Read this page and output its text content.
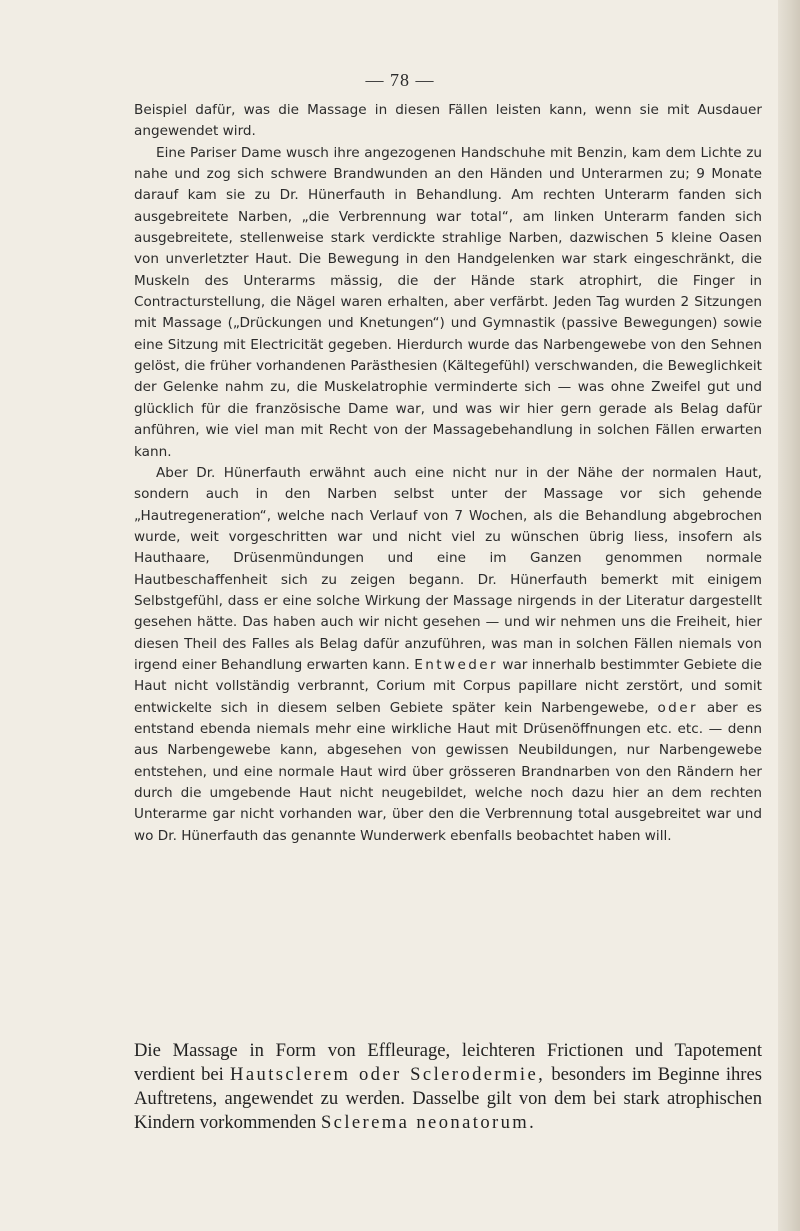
— 78 —

Beispiel dafür, was die Massage in diesen Fällen leisten kann, wenn sie mit Ausdauer angewendet wird.

Eine Pariser Dame wusch ihre angezogenen Handschuhe mit Benzin, kam dem Lichte zu nahe und zog sich schwere Brandwunden an den Händen und Unterarmen zu; 9 Monate darauf kam sie zu Dr. Hünerfauth in Behandlung. Am rechten Unterarm fanden sich ausgebreitete Narben, „die Verbrennung war total“, am linken Unterarm fanden sich ausgebreitete, stellenweise stark verdickte strahlige Narben, dazwischen 5 kleine Oasen von unverletzter Haut. Die Bewegung in den Handgelenken war stark eingeschränkt, die Muskeln des Unterarms mässig, die der Hände stark atrophirt, die Finger in Contracturstellung, die Nägel waren erhalten, aber verfärbt. Jeden Tag wurden 2 Sitzungen mit Massage („Drückungen und Knetungen“) und Gymnastik (passive Bewegungen) sowie eine Sitzung mit Electricität gegeben. Hierdurch wurde das Narbengewebe von den Sehnen gelöst, die früher vorhandenen Parästhesien (Kältegefühl) verschwanden, die Beweglichkeit der Gelenke nahm zu, die Muskelatrophie verminderte sich — was ohne Zweifel gut und glücklich für die französische Dame war, und was wir hier gern gerade als Belag dafür anführen, wie viel man mit Recht von der Massagebehandlung in solchen Fällen erwarten kann.

Aber Dr. Hünerfauth erwähnt auch eine nicht nur in der Nähe der normalen Haut, sondern auch in den Narben selbst unter der Massage vor sich gehende „Hautregeneration“, welche nach Verlauf von 7 Wochen, als die Behandlung abgebrochen wurde, weit vorgeschritten war und nicht viel zu wünschen übrig liess, insofern als Hauthaare, Drüsenmündungen und eine im Ganzen genommen normale Hautbeschaffenheit sich zu zeigen begann. Dr. Hünerfauth bemerkt mit einigem Selbstgefühl, dass er eine solche Wirkung der Massage nirgends in der Literatur dargestellt gesehen hätte. Das haben auch wir nicht gesehen — und wir nehmen uns die Freiheit, hier diesen Theil des Falles als Belag dafür anzuführen, was man in solchen Fällen niemals von irgend einer Behandlung erwarten kann. Entweder war innerhalb bestimmter Gebiete die Haut nicht vollständig verbrannt, Corium mit Corpus papillare nicht zerstört, und somit entwickelte sich in diesem selben Gebiete später kein Narbengewebe, oder aber es entstand ebenda niemals mehr eine wirkliche Haut mit Drüsenöffnungen etc. etc. — denn aus Narbengewebe kann, abgesehen von gewissen Neubildungen, nur Narbengewebe entstehen, und eine normale Haut wird über grösseren Brandnarben von den Rändern her durch die umgebende Haut nicht neugebildet, welche noch dazu hier an dem rechten Unterarme gar nicht vorhanden war, über den die Verbrennung total ausgebreitet war und wo Dr. Hünerfauth das genannte Wunderwerk ebenfalls beobachtet haben will.

Die Massage in Form von Effleurage, leichteren Frictionen und Tapotement verdient bei Hautsclerem oder Sclerodermie, besonders im Beginne ihres Auftretens, angewendet zu werden. Dasselbe gilt von dem bei stark atrophischen Kindern vorkommenden Sclerema neonatorum.
